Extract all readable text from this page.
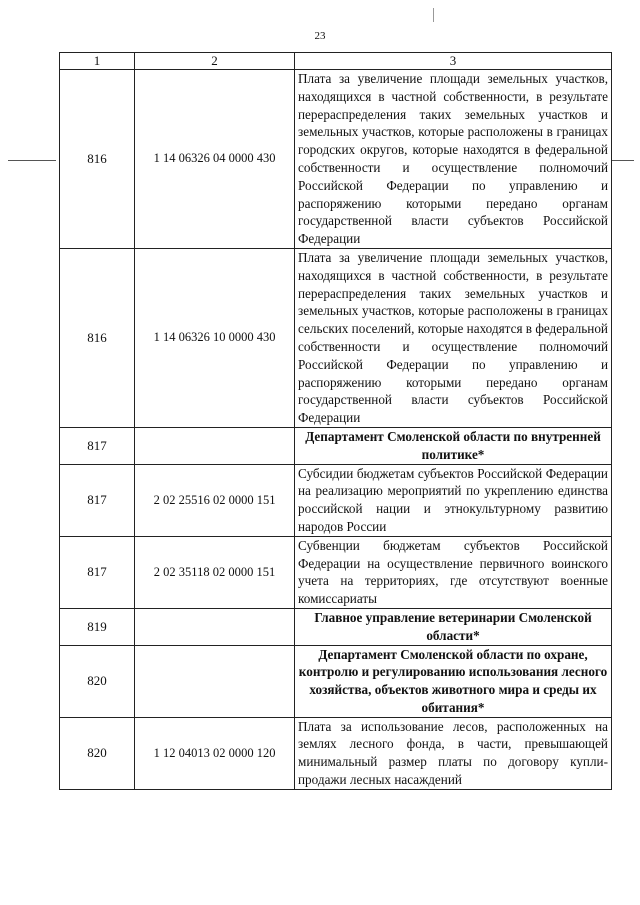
23
1	2	3
816	1 14 06326 04 0000 430	Плата за увеличение площади земельных участков, находящихся в частной собственности, в результате перераспределения таких земельных участков и земельных участков, которые расположены в границах городских округов, которые находятся в федеральной собственности и осуществление полномочий Российской Федерации по управлению и распоряжению которыми передано органам государственной власти субъектов Российской Федерации
816	1 14 06326 10 0000 430	Плата за увеличение площади земельных участков, находящихся в частной собственности, в результате перераспределения таких земельных участков и земельных участков, которые расположены в границах сельских поселений, которые находятся в федеральной собственности и осуществление полномочий Российской Федерации по управлению и распоряжению которыми передано органам государственной власти субъектов Российской Федерации
817		Департамент Смоленской области по внутренней политике*
817	2 02 25516 02 0000 151	Субсидии бюджетам субъектов Российской Федерации на реализацию мероприятий по укреплению единства российской нации и этнокультурному развитию народов России
817	2 02 35118 02 0000 151	Субвенции бюджетам субъектов Российской Федерации на осуществление первичного воинского учета на территориях, где отсутствуют военные комиссариаты
819		Главное управление ветеринарии Смоленской области*
820		Департамент Смоленской области по охране, контролю и регулированию использования лесного хозяйства, объектов животного мира и среды их обитания*
820	1 12 04013 02 0000 120	Плата за использование лесов, расположенных на землях лесного фонда, в части, превышающей минимальный размер платы по договору купли-продажи лесных насаждений
